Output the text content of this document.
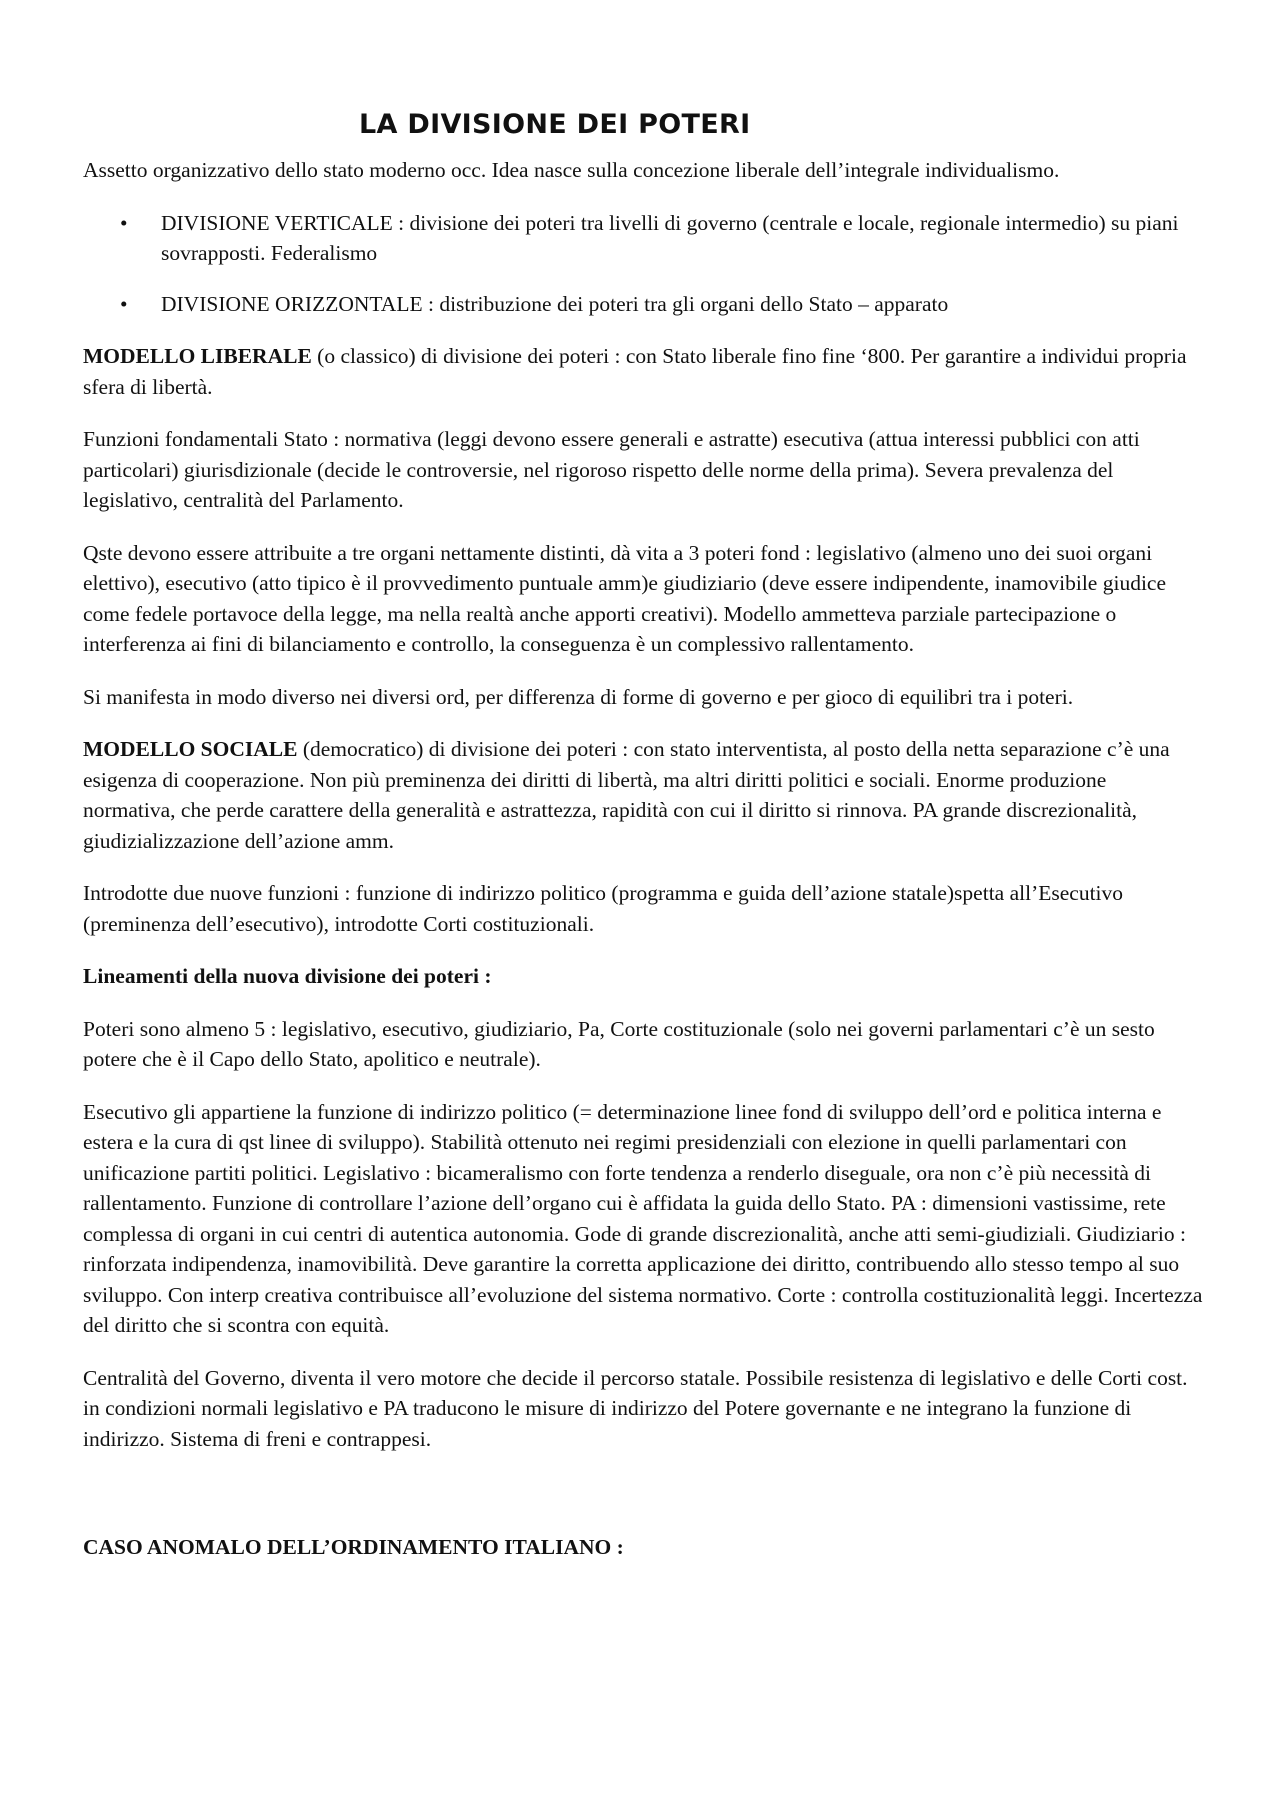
LA DIVISIONE DEI POTERI

Assetto organizzativo dello stato moderno occ. Idea nasce sulla concezione liberale dell’integrale individualismo.

• DIVISIONE VERTICALE : divisione dei poteri tra livelli di governo (centrale e locale, regionale intermedio) su piani sovrapposti. Federalismo
• DIVISIONE ORIZZONTALE : distribuzione dei poteri tra gli organi dello Stato – apparato

MODELLO LIBERALE (o classico) di divisione dei poteri : con Stato liberale fino fine ‘800. Per garantire a individui propria sfera di libertà.

Funzioni fondamentali Stato : normativa (leggi devono essere generali e astratte) esecutiva (attua interessi pubblici con atti particolari) giurisdizionale (decide le controversie, nel rigoroso rispetto delle norme della prima). Severa prevalenza del legislativo, centralità del Parlamento.

Qste devono essere attribuite a tre organi nettamente distinti, dà vita a 3 poteri fond : legislativo (almeno uno dei suoi organi elettivo), esecutivo (atto tipico è il provvedimento puntuale amm)e giudiziario (deve essere indipendente, inamovibile giudice come fedele portavoce della legge, ma nella realtà anche apporti creativi). Modello ammetteva parziale partecipazione o interferenza ai fini di bilanciamento e controllo, la conseguenza è un complessivo rallentamento.

Si manifesta in modo diverso nei diversi ord, per differenza di forme di governo e per gioco di equilibri tra i poteri.

MODELLO SOCIALE (democratico) di divisione dei poteri : con stato interventista, al posto della netta separazione c’è una esigenza di cooperazione. Non più preminenza dei diritti di libertà, ma altri diritti politici e sociali. Enorme produzione normativa, che perde carattere della generalità e astrattezza, rapidità con cui il diritto si rinnova. PA grande discrezionalità, giudizializzazione dell’azione amm.

Introdotte due nuove funzioni : funzione di indirizzo politico (programma e guida dell’azione statale)spetta all’Esecutivo (preminenza dell’esecutivo), introdotte Corti costituzionali.

Lineamenti della nuova divisione dei poteri :

Poteri sono almeno 5 : legislativo, esecutivo, giudiziario, Pa, Corte costituzionale (solo nei governi parlamentari c’è un sesto potere che è il Capo dello Stato, apolitico e neutrale).

Esecutivo gli appartiene la funzione di indirizzo politico (= determinazione linee fond di sviluppo dell’ord e politica interna e estera e la cura di qst linee di sviluppo). Stabilità ottenuto nei regimi presidenziali con elezione in quelli parlamentari con unificazione partiti politici. Legislativo : bicameralismo con forte tendenza a renderlo diseguale, ora non c’è più necessità di rallentamento. Funzione di controllare l’azione dell’organo cui è affidata la guida dello Stato. PA : dimensioni vastissime, rete complessa di organi in cui centri di autentica autonomia. Gode di grande discrezionalità, anche atti semi-giudiziali. Giudiziario : rinforzata indipendenza, inamovibilità. Deve garantire la corretta applicazione dei diritto, contribuendo allo stesso tempo al suo sviluppo. Con interp creativa contribuisce all’evoluzione del sistema normativo. Corte : controlla costituzionalità leggi. Incertezza del diritto che si scontra con equità.

Centralità del Governo, diventa il vero motore che decide il percorso statale. Possibile resistenza di legislativo e delle Corti cost. in condizioni normali legislativo e PA traducono le misure di indirizzo del Potere governante e ne integrano la funzione di indirizzo. Sistema di freni e contrappesi.

CASO ANOMALO DELL’ORDINAMENTO ITALIANO :
